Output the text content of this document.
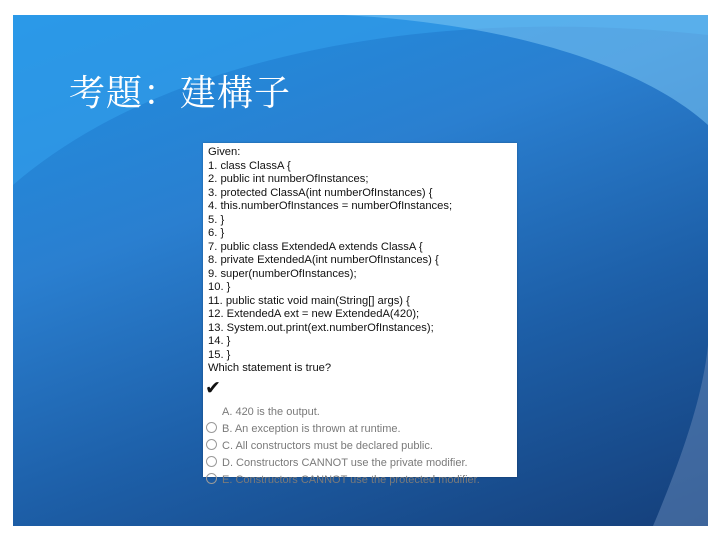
考題：建構子
Given:
1. class ClassA {
2. public int numberOfInstances;
3. protected ClassA(int numberOfInstances) {
4. this.numberOfInstances = numberOfInstances;
5. }
6. }
7. public class ExtendedA extends ClassA {
8. private ExtendedA(int numberOfInstances) {
9. super(numberOfInstances);
10. }
11. public static void main(String[] args) {
12. ExtendedA ext = new ExtendedA(420);
13. System.out.print(ext.numberOfInstances);
14. }
15. }
Which statement is true?
✔
A. 420 is the output.
B. An exception is thrown at runtime.
C. All constructors must be declared public.
D. Constructors CANNOT use the private modifier.
E. Constructors CANNOT use the protected modifier.
